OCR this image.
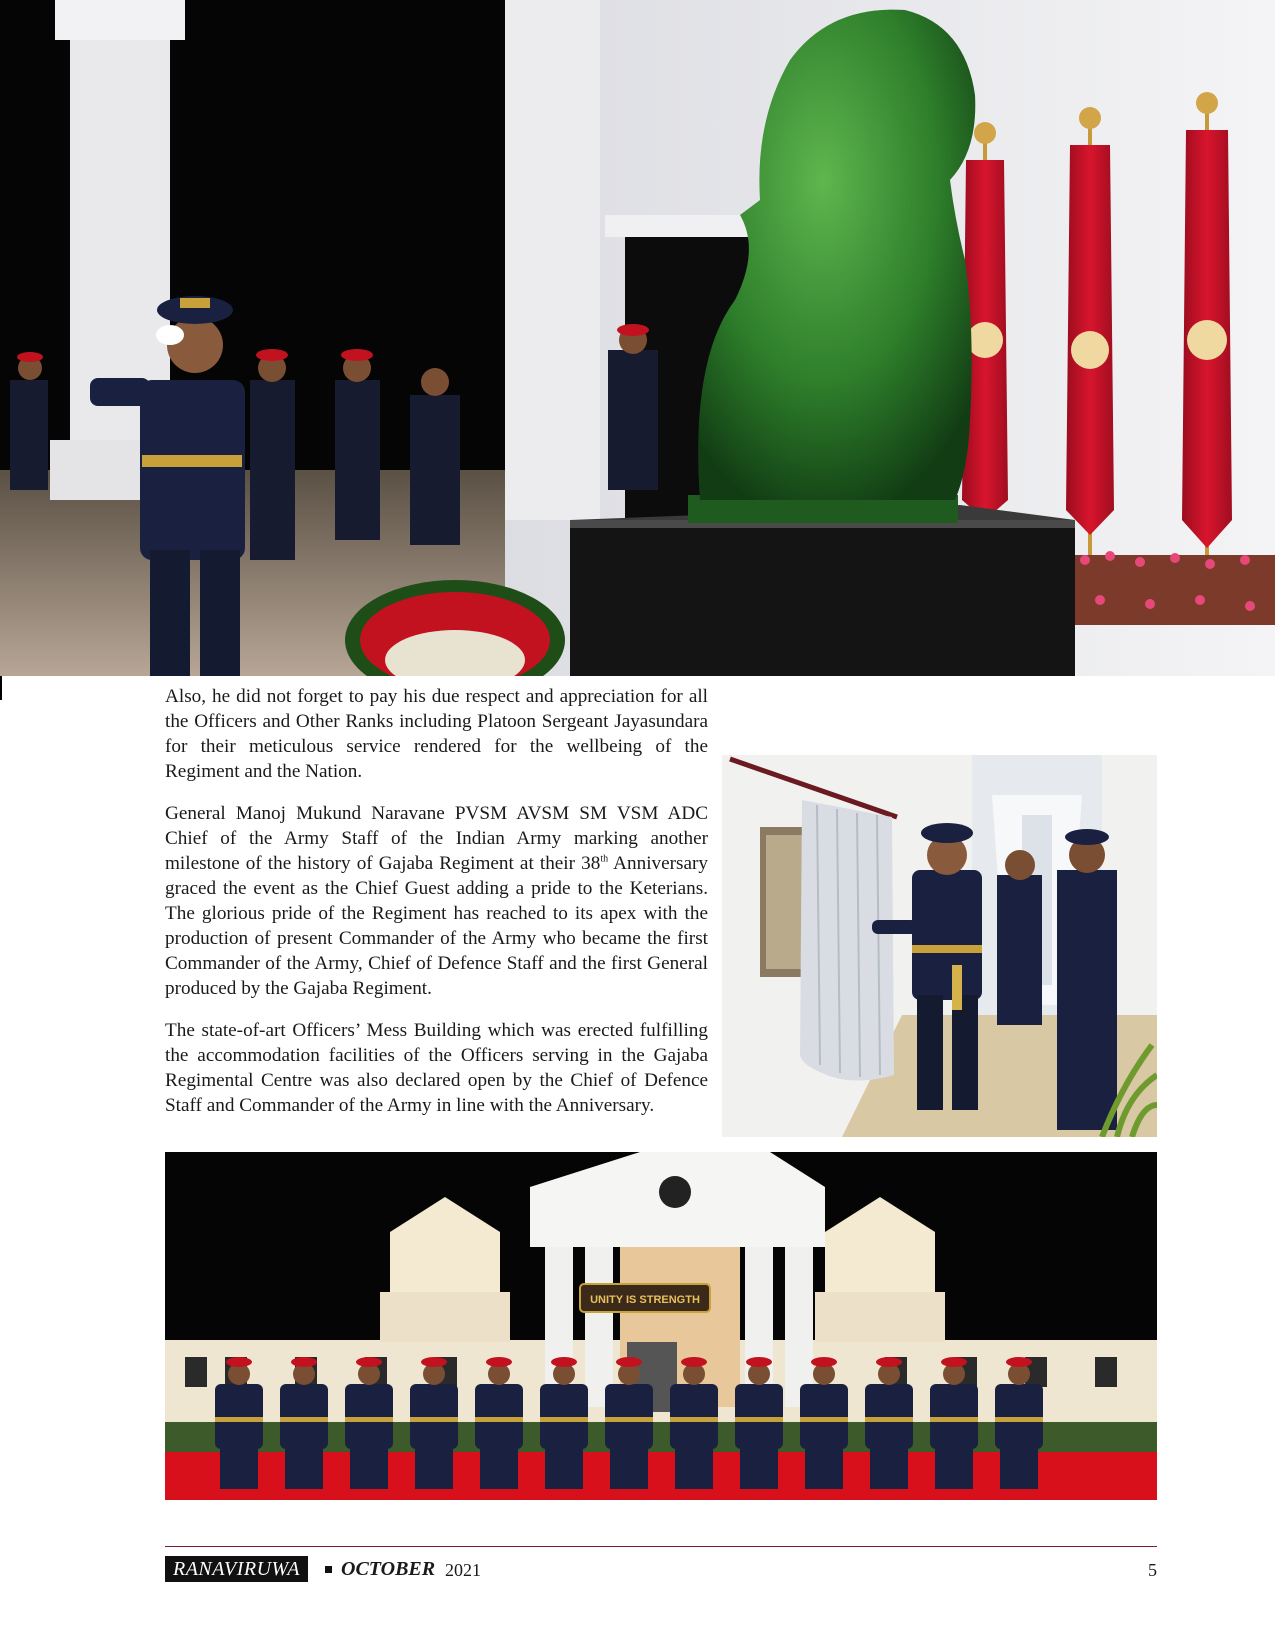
Also, he did not forget to pay his due respect and appreciation for all the Officers and Other Ranks including Platoon Sergeant Jayasundara for their meticulous service rendered for the wellbeing of the Regiment and the Nation.

General Manoj Mukund Naravane PVSM AVSM SM VSM ADC Chief of the Army Staff of the Indian Army marking another milestone of the history of Gajaba Regiment at their 38th Anniversary graced the event as the Chief Guest adding a pride to the Keterians. The glorious pride of the Regiment has reached to its apex with the production of present Commander of the Army who became the first Commander of the Army, Chief of Defence Staff and the first General produced by the Gajaba Regiment.

The state-of-art Officers’ Mess Building which was erected fulfilling the accommodation facilities of the Officers serving in the Gajaba Regimental Centre was also declared open by the Chief of Defence Staff and Commander of the Army in line with the Anniversary.

UNITY IS STRENGTH
RANAVIRUWA	OCTOBER 2021	5
